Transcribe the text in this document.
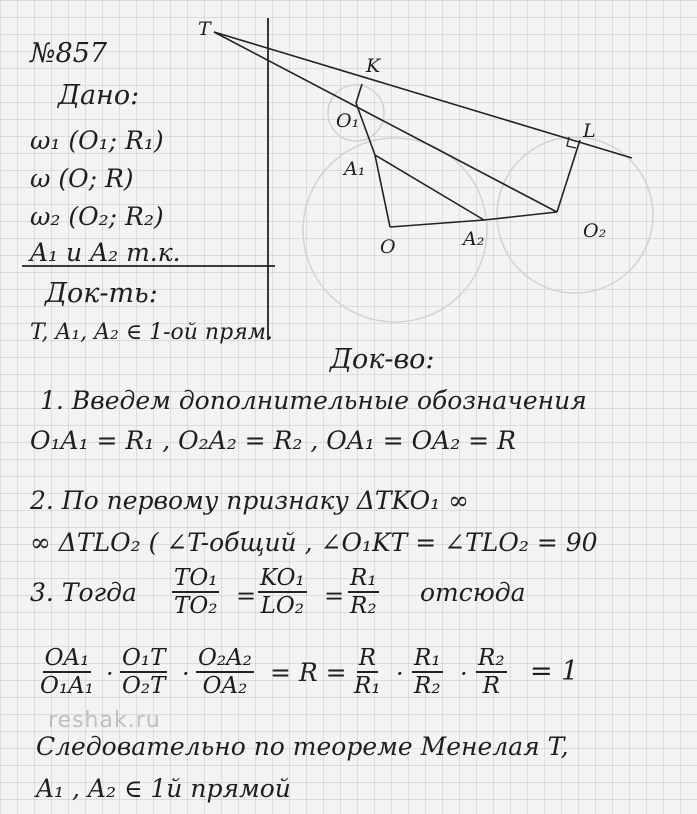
T
K
L
O₁
A₁
O	A₂	O₂
№857
Дано:
ω₁ (O₁; R₁)
ω (O; R)
ω₂ (O₂; R₂)
A₁ и A₂ т.к.
Док-ть:
T, A₁, A₂ ∈ 1-ой прям.
Док-во:
1. Введем дополнительные обозначения
O₁A₁ = R₁ , O₂A₂ = R₂ , OA₁ = OA₂ = R
2. По первому признаку ΔTKO₁ ∞
∞ ΔTLO₂ ( ∠T-общий , ∠O₁KT = ∠TLO₂ = 90
3. Тогда $\frac{\text{TO₁}}{\text{TO₂}} = \frac{\text{KO₁}}{\text{LO₂}} = \frac{\text{R₁}}{\text{R₂}}$ отсюда
$\frac{\text{OA₁}}{\text{O₁A₁}} \cdot \frac{\text{O₁T}}{\text{O₂T}} \cdot \frac{\text{O₂A₂}}{\text{OA₂}} = R = \frac{R}{\text{R₁}} \cdot \frac{\text{R₁}}{\text{R₂}} \cdot \frac{\text{R₂}}{R} = 1$
Следовательно по теореме Менелая T,
A₁ , A₂ ∈ 1й прямой
reshak.ru
